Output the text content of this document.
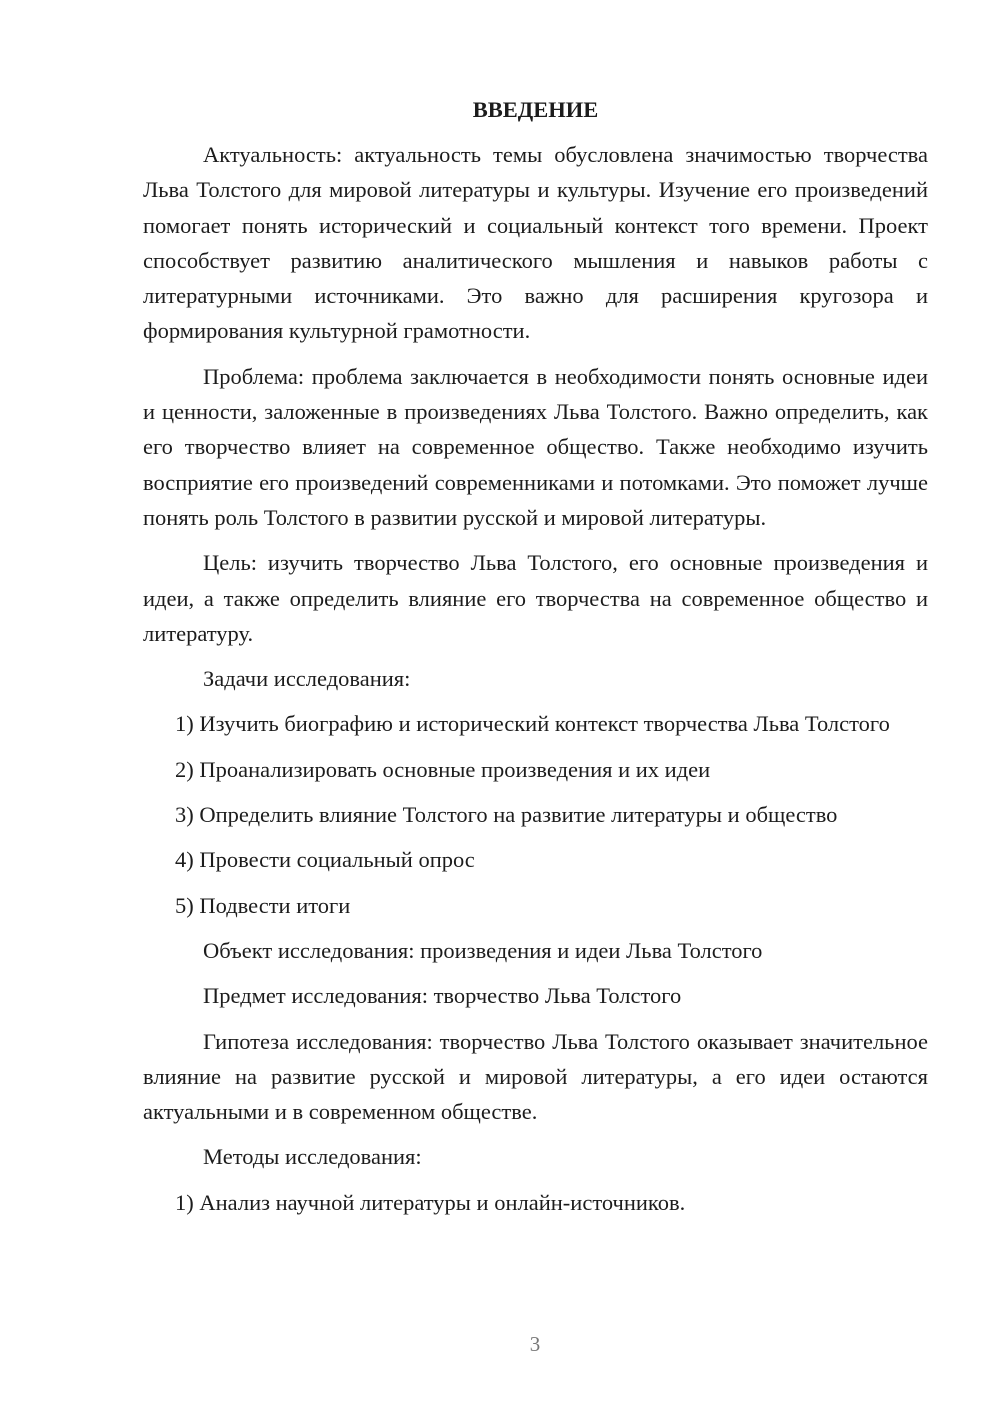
ВВЕДЕНИЕ

Актуальность: актуальность темы обусловлена значимостью творчества Льва Толстого для мировой литературы и культуры. Изучение его произведений помогает понять исторический и социальный контекст того времени. Проект способствует развитию аналитического мышления и навыков работы с литературными источниками. Это важно для расширения кругозора и формирования культурной грамотности.

Проблема: проблема заключается в необходимости понять основные идеи и ценности, заложенные в произведениях Льва Толстого. Важно определить, как его творчество влияет на современное общество. Также необходимо изучить восприятие его произведений современниками и потомками. Это поможет лучше понять роль Толстого в развитии русской и мировой литературы.

Цель: изучить творчество Льва Толстого, его основные произведения и идеи, а также определить влияние его творчества на современное общество и литературу.

Задачи исследования:

1) Изучить биографию и исторический контекст творчества Льва Толстого

2) Проанализировать основные произведения и их идеи

3) Определить влияние Толстого на развитие литературы и общество

4) Провести социальный опрос

5) Подвести итоги

Объект исследования: произведения и идеи Льва Толстого

Предмет исследования: творчество Льва Толстого

Гипотеза исследования: творчество Льва Толстого оказывает значительное влияние на развитие русской и мировой литературы, а его идеи остаются актуальными и в современном обществе.

Методы исследования:

1) Анализ научной литературы и онлайн-источников.

3
